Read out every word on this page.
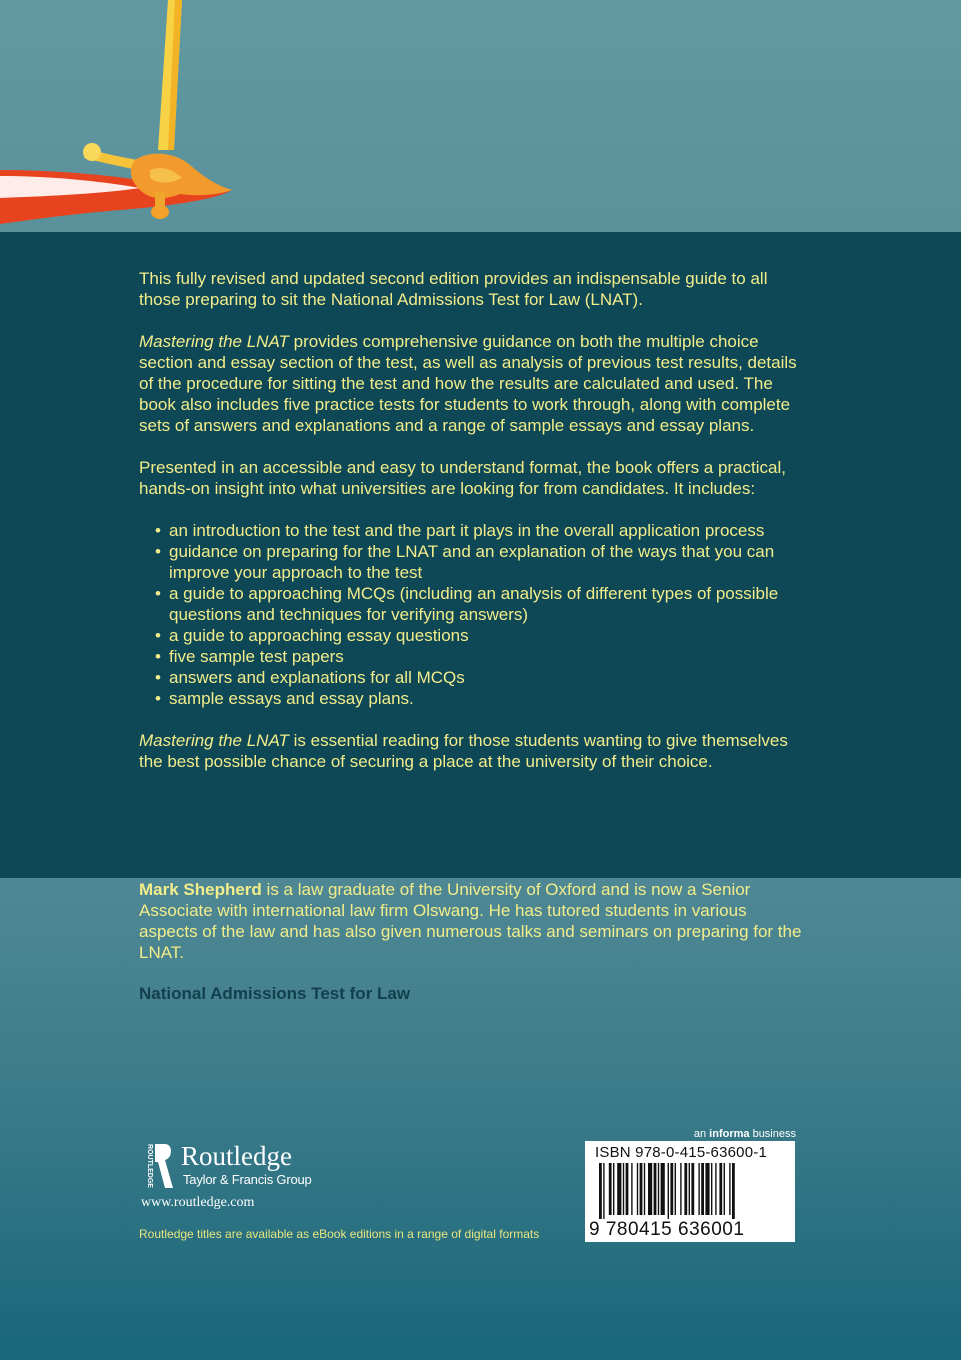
This fully revised and updated second edition provides an indispensable guide to all those preparing to sit the National Admissions Test for Law (LNAT).

Mastering the LNAT provides comprehensive guidance on both the multiple choice section and essay section of the test, as well as analysis of previous test results, details of the procedure for sitting the test and how the results are calculated and used. The book also includes five practice tests for students to work through, along with complete sets of answers and explanations and a range of sample essays and essay plans.

Presented in an accessible and easy to understand format, the book offers a practical, hands-on insight into what universities are looking for from candidates. It includes:

• an introduction to the test and the part it plays in the overall application process
• guidance on preparing for the LNAT and an explanation of the ways that you can improve your approach to the test
• a guide to approaching MCQs (including an analysis of different types of possible questions and techniques for verifying answers)
• a guide to approaching essay questions
• five sample test papers
• answers and explanations for all MCQs
• sample essays and essay plans.

Mastering the LNAT is essential reading for those students wanting to give themselves the best possible chance of securing a place at the university of their choice.

Mark Shepherd is a law graduate of the University of Oxford and is now a Senior Associate with international law firm Olswang. He has tutored students in various aspects of the law and has also given numerous talks and seminars on preparing for the LNAT.

National Admissions Test for Law

ROUTLEDGE Routledge
Taylor & Francis Group
www.routledge.com
Routledge titles are available as eBook editions in a range of digital formats
an informa business
ISBN 978-0-415-63600-1
9 780415 636001
